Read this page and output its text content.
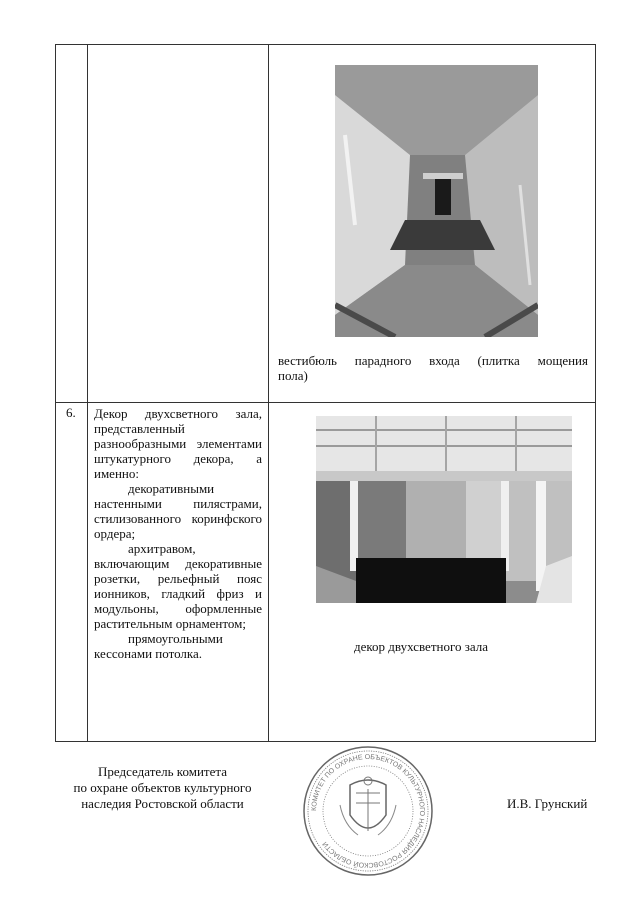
вестибюль парадного входа (плитка мощения
пола)
6. Декор двухсветного зала, представленный разнообразными элементами штукатурного декора, а именно:

декоративными настенными пилястрами, стилизованного коринфского ордера;

архитравом, включающим декоративные розетки, рельефный пояс ионников, гладкий фриз и модульоны, оформленные растительным орнаментом;

прямоугольными кессонами потолка.	декор двухсветного зала
Председатель комитета
по охране объектов культурного
наследия Ростовской области	КОМИТЕТ ПО ОХРАНЕ ОБЪЕКТОВ КУЛЬТУРНОГО НАСЛЕДИЯ РОСТОВСКОЙ ОБЛАСТИ
И.В. Грунский
